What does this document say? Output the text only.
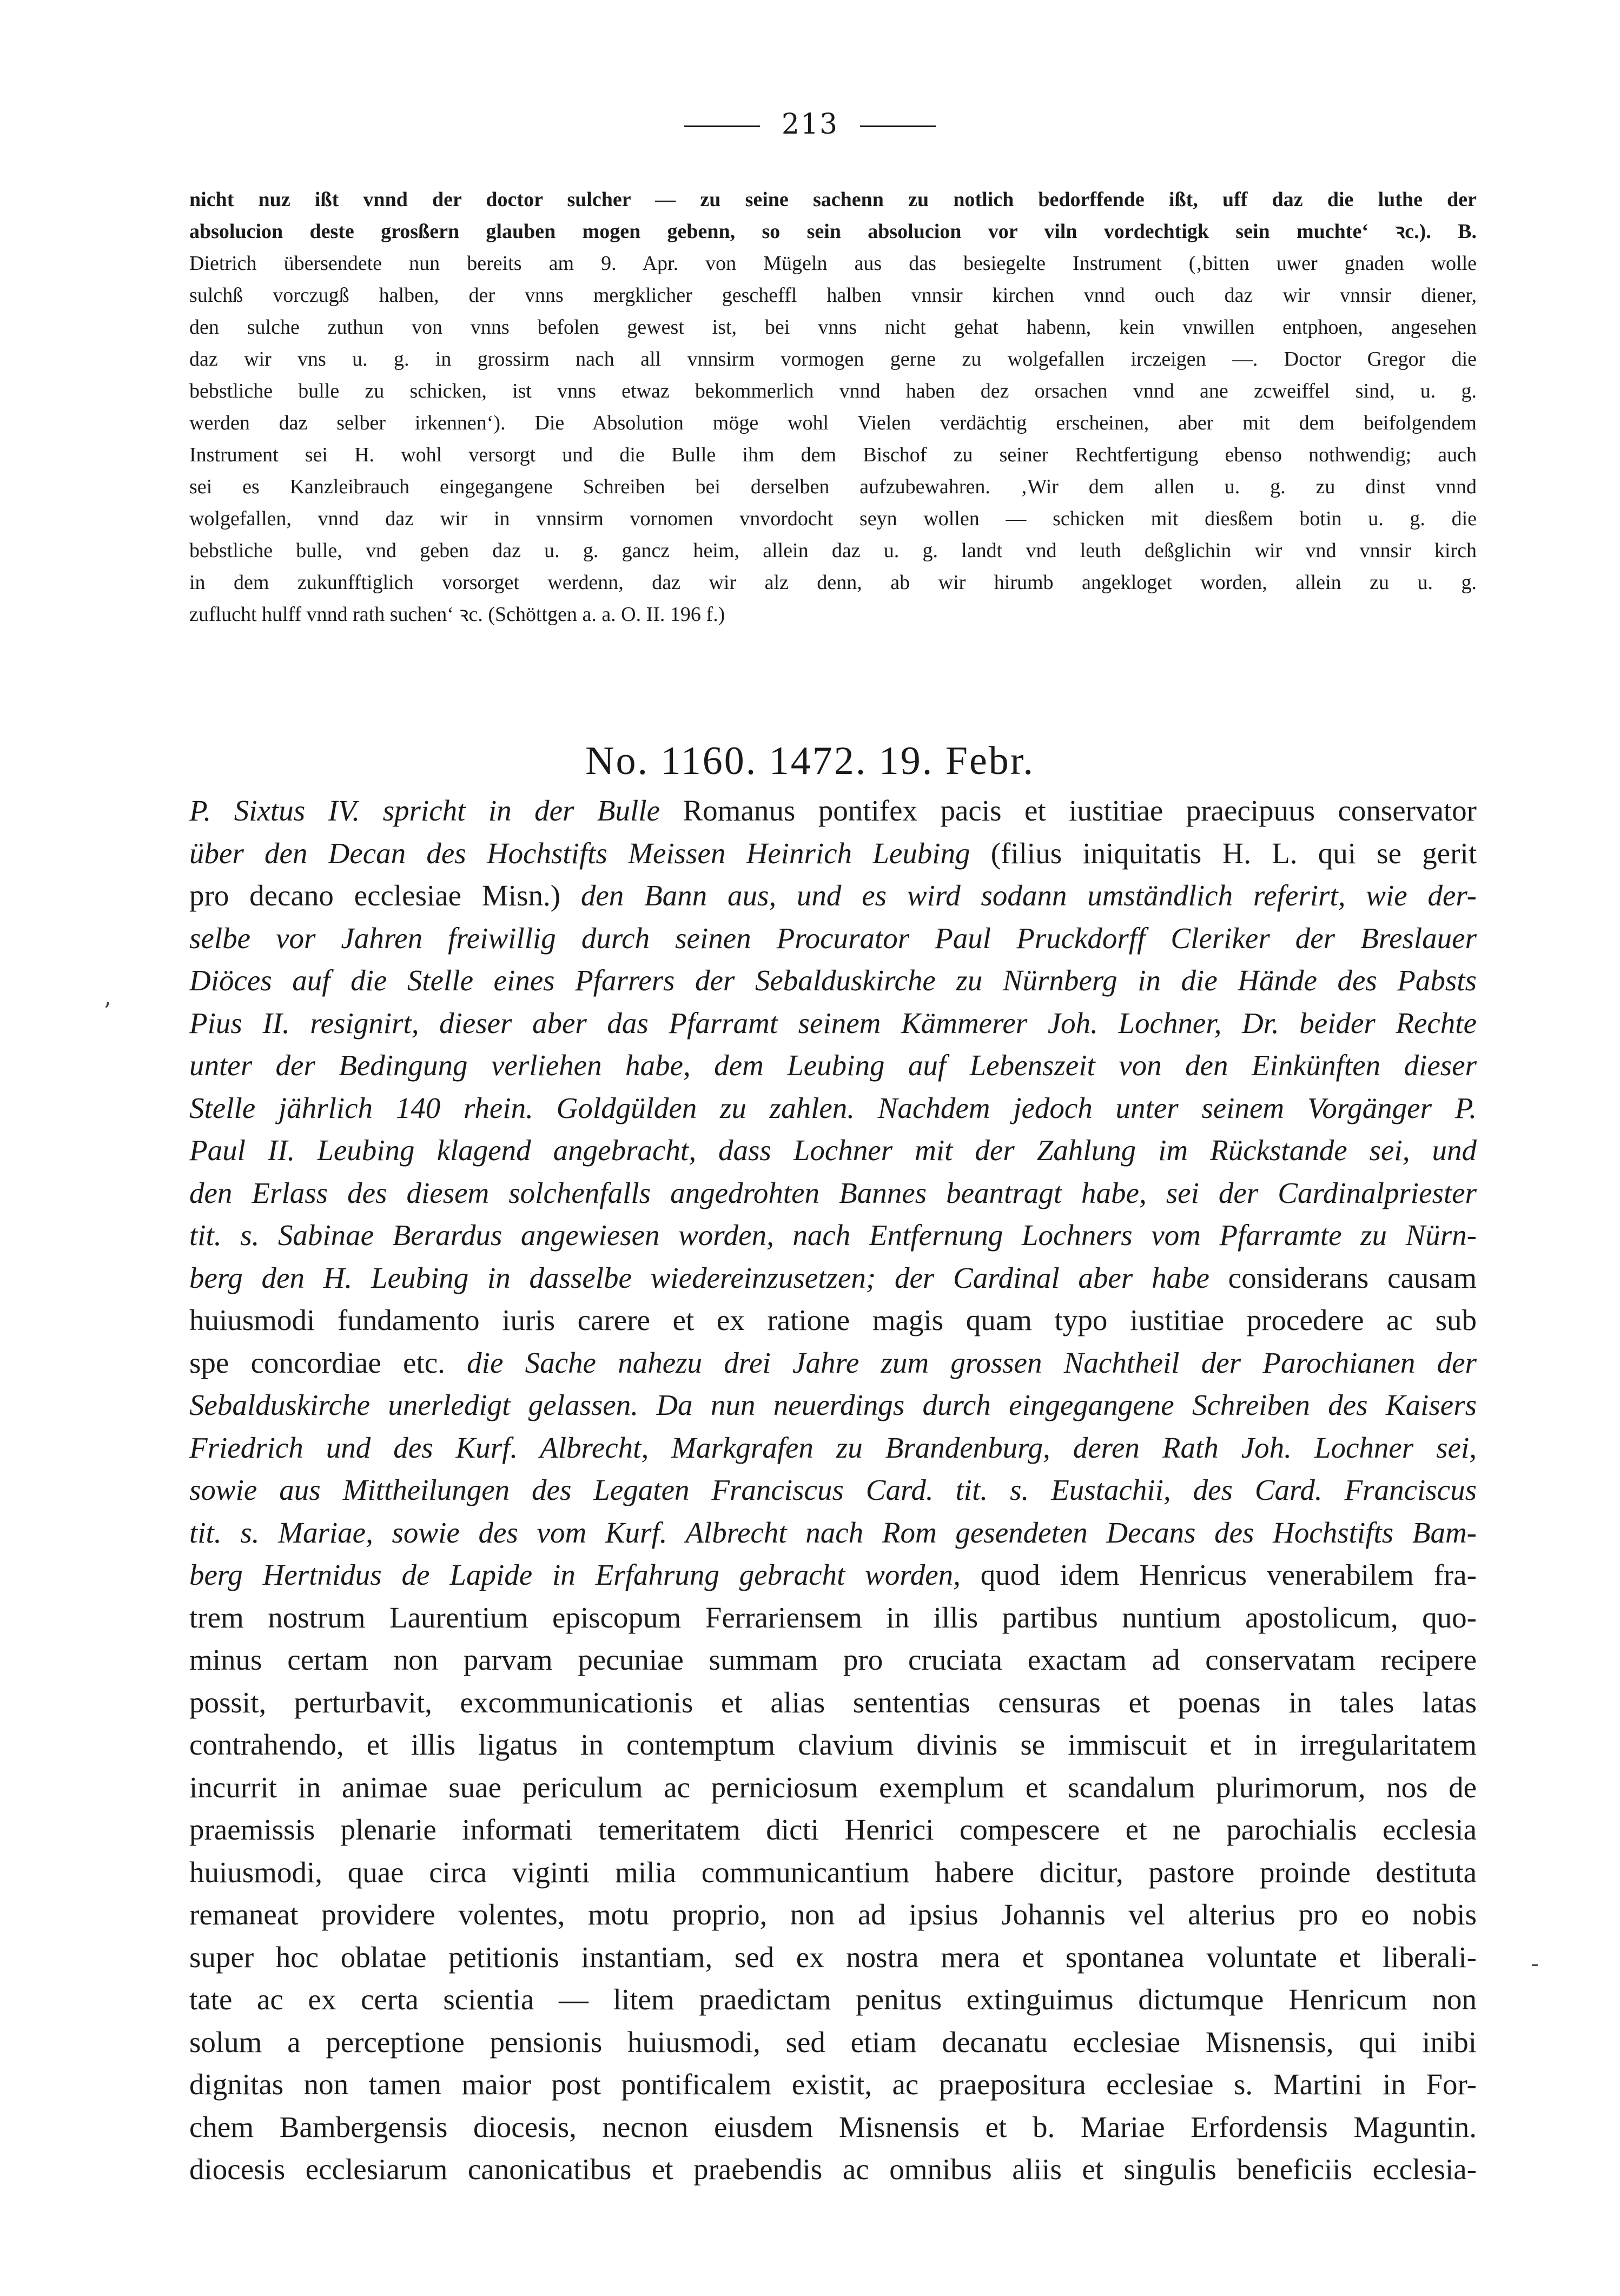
213
nicht nuz ißt vnnd der doctor sulcher — zu seine sachenn zu notlich bedorffende ißt, uff daz die luthe der
absolucion deste grosßern glauben mogen gebenn, so sein absolucion vor viln vordechtigk sein muchte‘ ꝛc.). B.
Dietrich übersendete nun bereits am 9. Apr. von Mügeln aus das besiegelte Instrument (‚bitten uwer gnaden wolle
sulchß vorczugß halben, der vnns mergklicher gescheffl halben vnnsir kirchen vnnd ouch daz wir vnnsir diener,
den sulche zuthun von vnns befolen gewest ist, bei vnns nicht gehat habenn, kein vnwillen entphoen, angesehen
daz wir vns u. g. in grossirm nach all vnnsirm vormogen gerne zu wolgefallen irczeigen —. Doctor Gregor die
bebstliche bulle zu schicken, ist vnns etwaz bekommerlich vnnd haben dez orsachen vnnd ane zcweiffel sind, u. g.
werden daz selber irkennen‘). Die Absolution möge wohl Vielen verdächtig erscheinen, aber mit dem beifolgendem
Instrument sei H. wohl versorgt und die Bulle ihm dem Bischof zu seiner Rechtfertigung ebenso nothwendig; auch
sei es Kanzleibrauch eingegangene Schreiben bei derselben aufzubewahren. ‚Wir dem allen u. g. zu dinst vnnd
wolgefallen, vnnd daz wir in vnnsirm vornomen vnvordocht seyn wollen — schicken mit diesßem botin u. g. die
bebstliche bulle, vnd geben daz u. g. gancz heim, allein daz u. g. landt vnd leuth deßglichin wir vnd vnnsir kirch
in dem zukunfftiglich vorsorget werdenn, daz wir alz denn, ab wir hirumb angekloget worden, allein zu u. g.
zuflucht hulff vnnd rath suchen‘ ꝛc. (Schöttgen a. a. O. II. 196 f.)
No. 1160. 1472. 19. Febr.
P. Sixtus IV. spricht in der Bulle Romanus pontifex pacis et iustitiae praecipuus conservator
über den Decan des Hochstifts Meissen Heinrich Leubing (filius iniquitatis H. L. qui se gerit
pro decano ecclesiae Misn.) den Bann aus, und es wird sodann umständlich referirt, wie der-
selbe vor Jahren freiwillig durch seinen Procurator Paul Pruckdorff Cleriker der Breslauer
Diöces auf die Stelle eines Pfarrers der Sebalduskirche zu Nürnberg in die Hände des Pabsts
Pius II. resignirt, dieser aber das Pfarramt seinem Kämmerer Joh. Lochner, Dr. beider Rechte
unter der Bedingung verliehen habe, dem Leubing auf Lebenszeit von den Einkünften dieser
Stelle jährlich 140 rhein. Goldgülden zu zahlen. Nachdem jedoch unter seinem Vorgänger P.
Paul II. Leubing klagend angebracht, dass Lochner mit der Zahlung im Rückstande sei, und
den Erlass des diesem solchenfalls angedrohten Bannes beantragt habe, sei der Cardinalpriester
tit. s. Sabinae Berardus angewiesen worden, nach Entfernung Lochners vom Pfarramte zu Nürn-
berg den H. Leubing in dasselbe wiedereinzusetzen; der Cardinal aber habe considerans causam
huiusmodi fundamento iuris carere et ex ratione magis quam typo iustitiae procedere ac sub
spe concordiae etc. die Sache nahezu drei Jahre zum grossen Nachtheil der Parochianen der
Sebalduskirche unerledigt gelassen. Da nun neuerdings durch eingegangene Schreiben des Kaisers
Friedrich und des Kurf. Albrecht, Markgrafen zu Brandenburg, deren Rath Joh. Lochner sei,
sowie aus Mittheilungen des Legaten Franciscus Card. tit. s. Eustachii, des Card. Franciscus
tit. s. Mariae, sowie des vom Kurf. Albrecht nach Rom gesendeten Decans des Hochstifts Bam-
berg Hertnidus de Lapide in Erfahrung gebracht worden, quod idem Henricus venerabilem fra-
trem nostrum Laurentium episcopum Ferrariensem in illis partibus nuntium apostolicum, quo-
minus certam non parvam pecuniae summam pro cruciata exactam ad conservatam recipere
possit, perturbavit, excommunicationis et alias sententias censuras et poenas in tales latas
contrahendo, et illis ligatus in contemptum clavium divinis se immiscuit et in irregularitatem
incurrit in animae suae periculum ac perniciosum exemplum et scandalum plurimorum, nos de
praemissis plenarie informati temeritatem dicti Henrici compescere et ne parochialis ecclesia
huiusmodi, quae circa viginti milia communicantium habere dicitur, pastore proinde destituta
remaneat providere volentes, motu proprio, non ad ipsius Johannis vel alterius pro eo nobis
super hoc oblatae petitionis instantiam, sed ex nostra mera et spontanea voluntate et liberali-
tate ac ex certa scientia — litem praedictam penitus extinguimus dictumque Henricum non
solum a perceptione pensionis huiusmodi, sed etiam decanatu ecclesiae Misnensis, qui inibi
dignitas non tamen maior post pontificalem existit, ac praepositura ecclesiae s. Martini in For-
chem Bambergensis diocesis, necnon eiusdem Misnensis et b. Mariae Erfordensis Maguntin.
diocesis ecclesiarum canonicatibus et praebendis ac omnibus aliis et singulis beneficiis ecclesia-
ʼ
-
